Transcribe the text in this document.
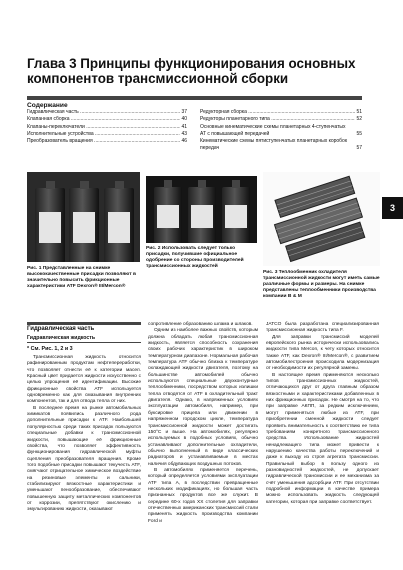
Глава 3 Принципы функционирования основных компонентов трансмиссионной сборки
Содержание
Гидравлическая часть .....	37
Клапанная сборка .....	40
Клапаны-переключатели .....	41
Исполнительные устройства .....	43
Преобразователь вращения .....	46
Редукторная сборка .....	51
Редукторы планетарного типа .....	52
Основные кинематические схемы планетарных 4-ступенчатых АТ с повышающей передачей	55
Кинематические схемы пятиступенчатых планетарных коробок передач	57
3
Рис. 1 Представленные на снимке высококачественные присадки позволяют в значительно повысить фрикционные характеристики ATF Dexron® III/Mercon®
Рис. 2 Использовать следует только присадки, получившие официальное одобрение со стороны производителей трансмиссионных жидкостей
Рис. 3 Теплообменник охладителя трансмиссионной жидкости могут иметь самые различные формы и размеры. На снимке представлены теплообменники производства компании B & M
Гидравлическая часть
Гидравлическая жидкость
* См. Рис. 1, 2 и 3

Трансмиссионная жидкость относится рафинированным продуктам нефтепереработки, что позволяет отнести её к категории масел. Красный цвет придается жидкости искусственно с целью упрощения её идентификации. Высокие фрикционные свойства ATF используется одновременно как для смазывания внутренних компонентов, так и для отвода тепла от них.

В последнее время на рынке автомобильных химикатов появились различного рода дополнительные присадки к ATF. Наибольшей популярностью среди таких присадок пользуются специальные добавки к трансмиссионной жидкости, повышающие её фрикционные свойства, что позволяет эффективность функционирования гидравлической муфты сцепления преобразователя вращения. Кроме того подобные присадки повышают текучесть ATF, смягчают отрицательное химическое воздействие на резиновые элементы и сальники, стабилизируют вязкостные характеристики и уменьшают пенообразование, обеспечивают повышенную защиту металлических компонентов от коррозии, препятствуют окислению и эмульгированию жидкости, оказывают

сопротивление образованию шлама и шлаков.

Одним из наиболее важных свойств, которым должна обладать любая трансмиссионная жидкость, является способность сохранения своих рабочих характеристик в широком температурном диапазоне. Нормальная рабочая температура ATF обычно близка к температуре охлаждающей жидкости двигателя, поэтому на большинстве автомобилей обычно используются специальные двухконтурные теплообменники, посредством которых излишки тепла отводятся от ATF в охладительный тракт двигателя. Однако, в напряженных условиях эксплуатации автомобиля, например, при буксировке прицепа или движении в напряженном городском цикле, температура трансмиссионной жидкости может достигать 150°С и выше. На автомобилях, регулярно используемых в подобных условиях, обычно устанавливают дополнительные охладители, обычно выполненный в виде классических радиаторов и устанавливаемые в местах наличия обдувающих воздушных потоков.

В автомобилях применяется перечень, который определяется условиями эксплуатации ATF типа A, в последствии превращенные нескольких модификациях, но большая часть признанных продуктов все же служит. В середине 60-х годов XX столетия для заправки отечественных американских трансмиссий стали применять жидкость производства компании Ford и

JATCO была разработана специализированная трансмиссионная жидкость типа F.

Для заправки трансмиссий моделей европейского рынка исторически использовались жидкости типа Mercon, к чету которых относится также ATF, как Dexron® III/Mercon®, с развитием автомобилестроения происходила модернизация от необходимости их регулярной замены.

В настоящее время применяются несколько типов трансмиссионных жидкостей, отличающихся друг от друга главным образом вязкостными и характеристиками добавленных в них фрикционных присадок. Не смотря на то, что при заправке АКПП, за редким исключением, могут применяться любые из ATF, при приобретении сменной жидкости следует проявить внимательность к соответствию ее типа требованиям конкретного трансмиссионного средства. Использование жидкостей ненадлежащего типа может привести к нарушению качества работы переключений и даже к выходу из строя агрегата трансмиссии. Правильный выбор в пользу одного из разновидностей жидкостей, не допускает гидравлической трансмиссии и ее механизма за счёт уменьшения адсорбции ATF. При отсутствии подробной информации в качестве примера можно использовать жидкость следующей категории, которая при заправке соответствует.
